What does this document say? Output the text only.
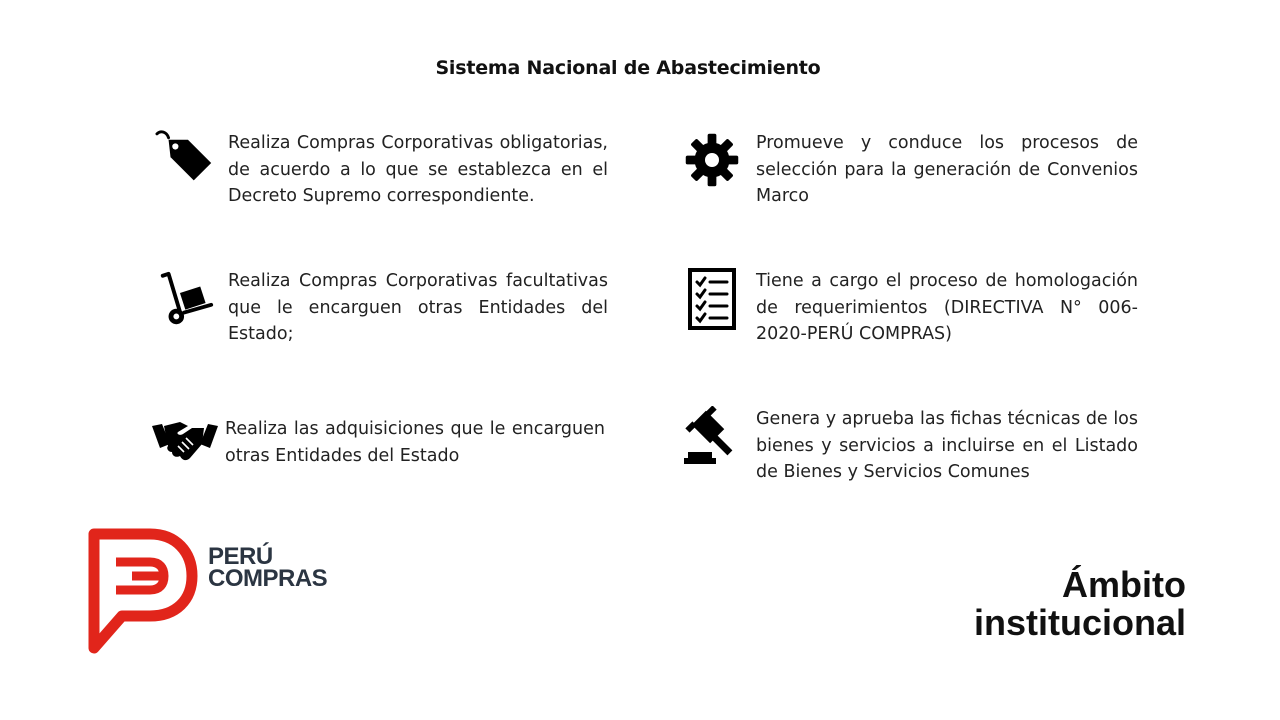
Sistema Nacional de Abastecimiento
Realiza Compras Corporativas obligatorias, de acuerdo a lo que se establezca en el Decreto Supremo correspondiente.
Realiza Compras Corporativas facultativas que le encarguen otras Entidades del Estado;
Realiza las adquisiciones que le encarguen otras Entidades del Estado
Promueve y conduce los procesos de selección para la generación de Convenios Marco
Tiene a cargo el proceso de homologación de requerimientos (DIRECTIVA N° 006-2020-PERÚ COMPRAS)
Genera y aprueba las fichas técnicas de los bienes y servicios a incluirse en el Listado de Bienes y Servicios Comunes
PERÚ
COMPRAS	Ámbito
institucional
